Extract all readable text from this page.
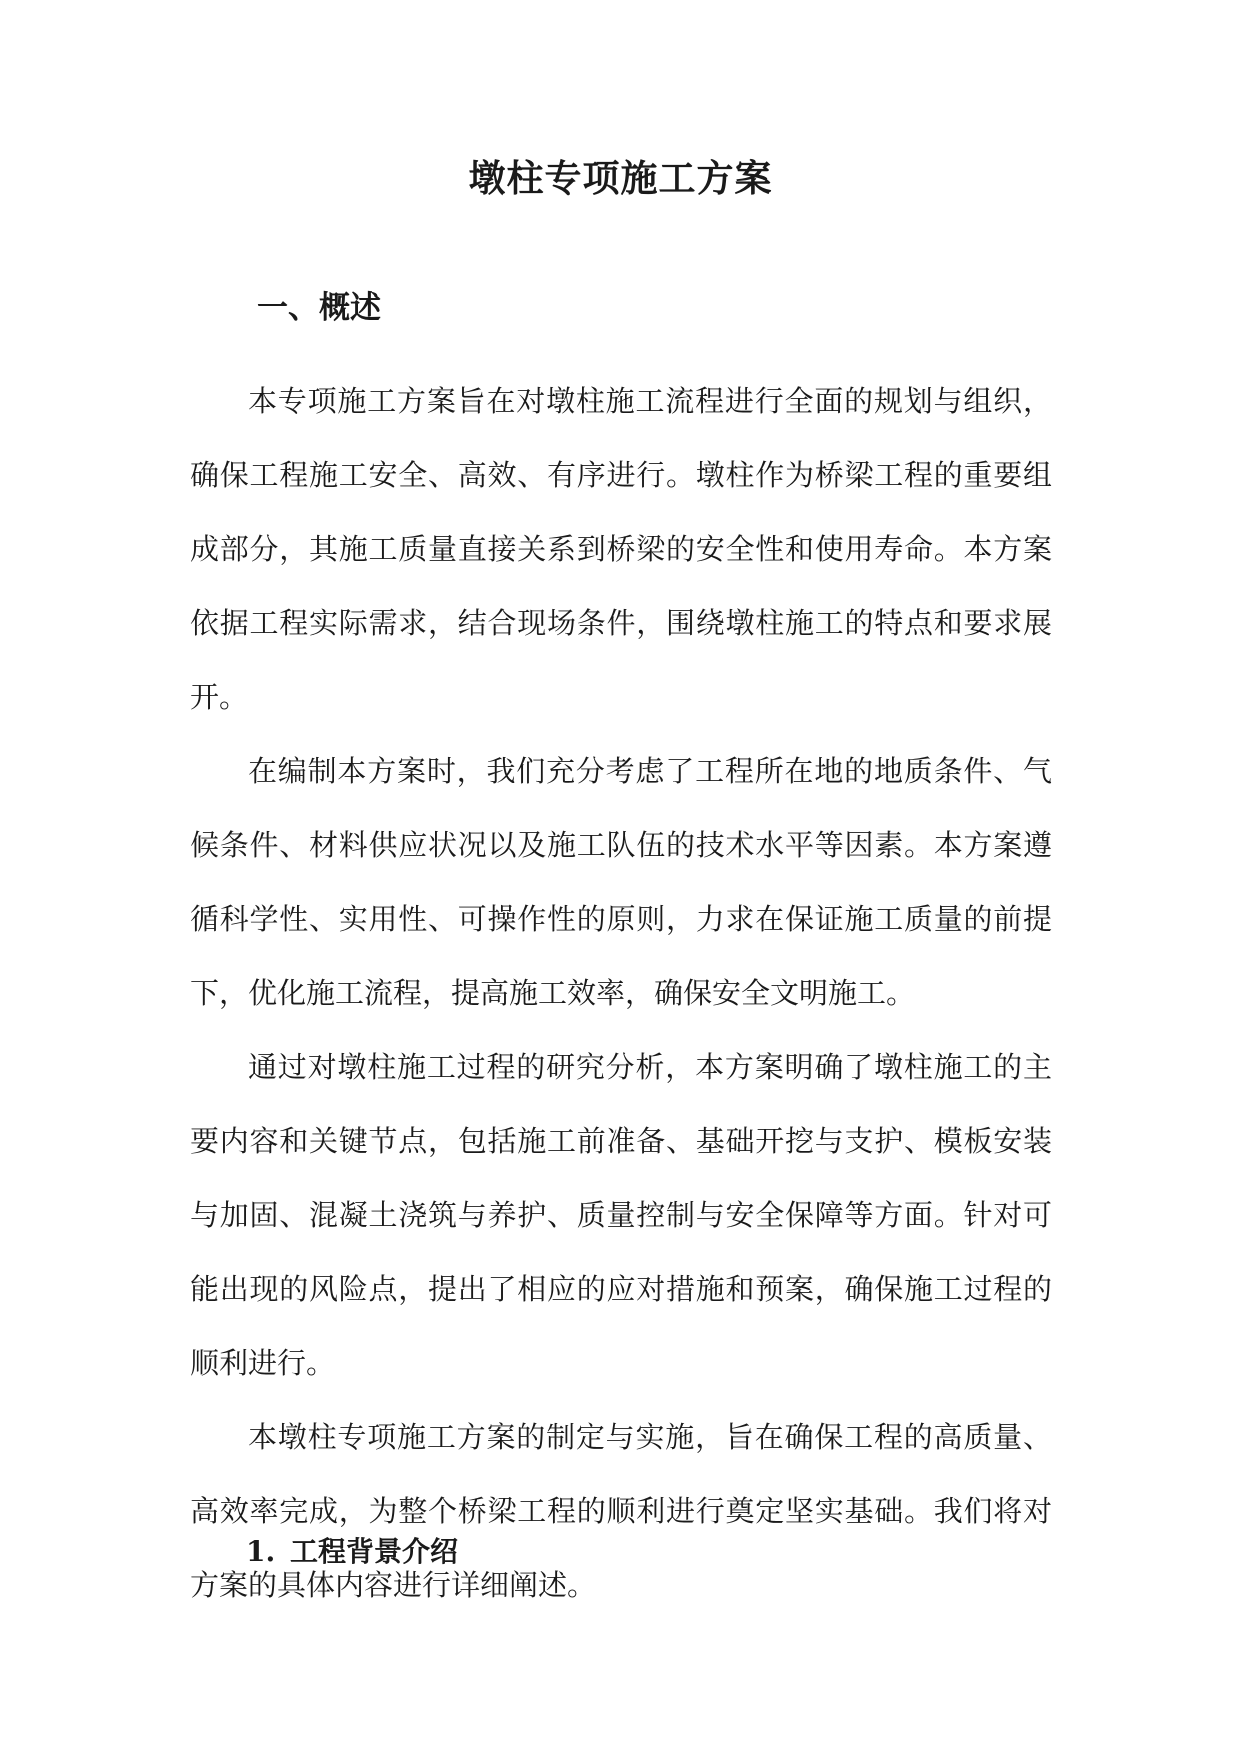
墩柱专项施工方案
一、概述

本专项施工方案旨在对墩柱施工流程进行全面的规划与组织，确保工程施工安全、高效、有序进行。墩柱作为桥梁工程的重要组成部分，其施工质量直接关系到桥梁的安全性和使用寿命。本方案依据工程实际需求，结合现场条件，围绕墩柱施工的特点和要求展开。

在编制本方案时，我们充分考虑了工程所在地的地质条件、气候条件、材料供应状况以及施工队伍的技术水平等因素。本方案遵循科学性、实用性、可操作性的原则，力求在保证施工质量的前提下，优化施工流程，提高施工效率，确保安全文明施工。

通过对墩柱施工过程的研究分析，本方案明确了墩柱施工的主要内容和关键节点，包括施工前准备、基础开挖与支护、模板安装与加固、混凝土浇筑与养护、质量控制与安全保障等方面。针对可能出现的风险点，提出了相应的应对措施和预案，确保施工过程的顺利进行。

本墩柱专项施工方案的制定与实施，旨在确保工程的高质量、高效率完成，为整个桥梁工程的顺利进行奠定坚实基础。我们将对方案的具体内容进行详细阐述。

1. 工程背景介绍
